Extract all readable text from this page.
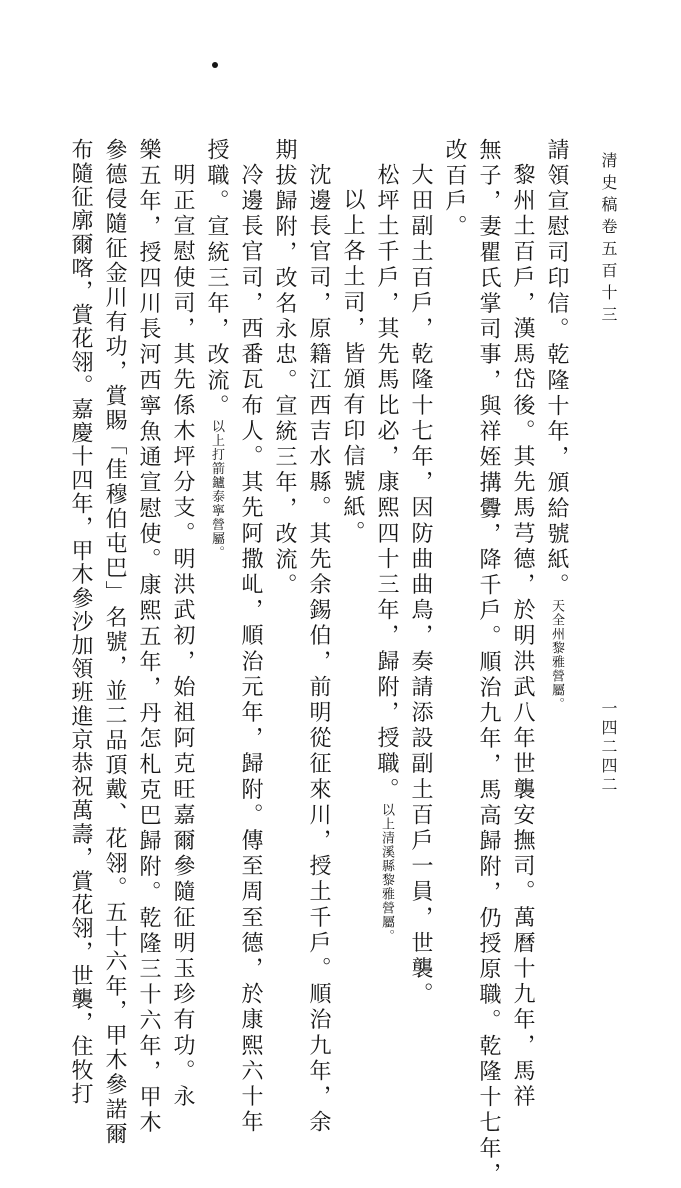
清史稿卷五百十三
請領宣慰司印信。乾隆十年，頒給號紙。天全州黎雅營屬。
黎州土百戶，漢馬岱後。其先馬芎德，於明洪武八年世襲安撫司。萬曆十九年，馬祥
無子，妻瞿氏掌司事，與祥姪搆釁，降千戶。順治九年，馬高歸附，仍授原職。乾隆十七年，
改百戶。
大田副土百戶，乾隆十七年，因防曲曲鳥，奏請添設副土百戶一員，世襲。
松坪土千戶，其先馬比必，康熙四十三年，歸附，授職。以上清溪縣黎雅營屬。
以上各土司，皆頒有印信號紙。
沈邊長官司，原籍江西吉水縣。其先余錫伯，前明從征來川，授土千戶。順治九年，余
期拔歸附，改名永忠。宣統三年，改流。
冷邊長官司，西番瓦布人。其先阿撒乢，順治元年，歸附。傳至周至德，於康熙六十年
授職。宣統三年，改流。以上打箭鑪泰寧營屬。
明正宣慰使司，其先係木坪分支。明洪武初，始祖阿克旺嘉爾參隨征明玉珍有功。永
樂五年，授四川長河西寧魚通宣慰使。康熙五年，丹怎札克巴歸附。乾隆三十六年，甲木
參德侵隨征金川有功，賞賜「佳穆伯屯巴」名號，並二品頂戴、花翎。五十六年，甲木參諾爾
布隨征廓爾喀，賞花翎。嘉慶十四年，甲木參沙加領班進京恭祝萬壽，賞花翎，世襲，住牧打	一四二四二
